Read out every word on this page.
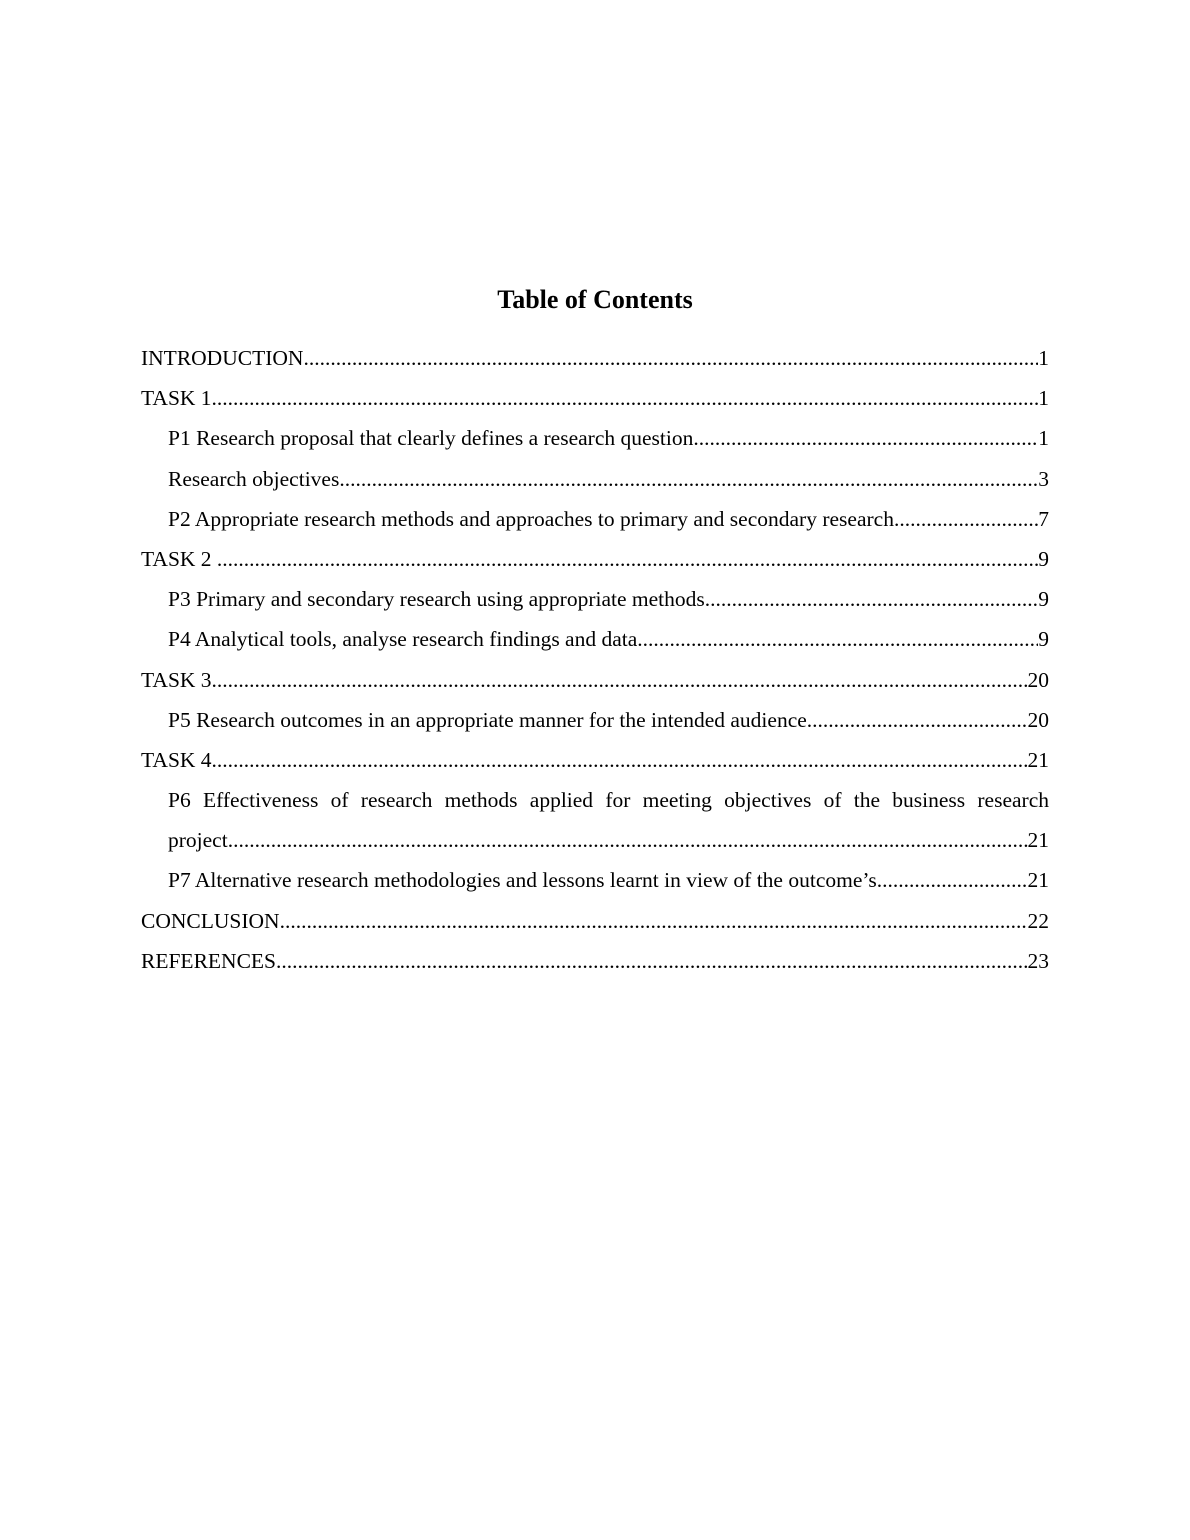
Table of Contents
INTRODUCTION .....	1
TASK 1 .....	1
P1 Research proposal that clearly defines a research question .....	1
Research objectives .....	3
P2 Appropriate research methods and approaches to primary and secondary research .....	7
TASK 2 .....	9
P3 Primary and secondary research using appropriate methods .....	9
P4 Analytical tools, analyse research findings and data .....	9
TASK 3 .....	20
P5 Research outcomes in an appropriate manner for the intended audience .....	20
TASK 4 .....	21
P6 Effectiveness of research methods applied for meeting objectives of the business research
project .....	21
P7 Alternative research methodologies and lessons learnt in view of the outcome’s .....	21
CONCLUSION .....	22
REFERENCES .....	23
